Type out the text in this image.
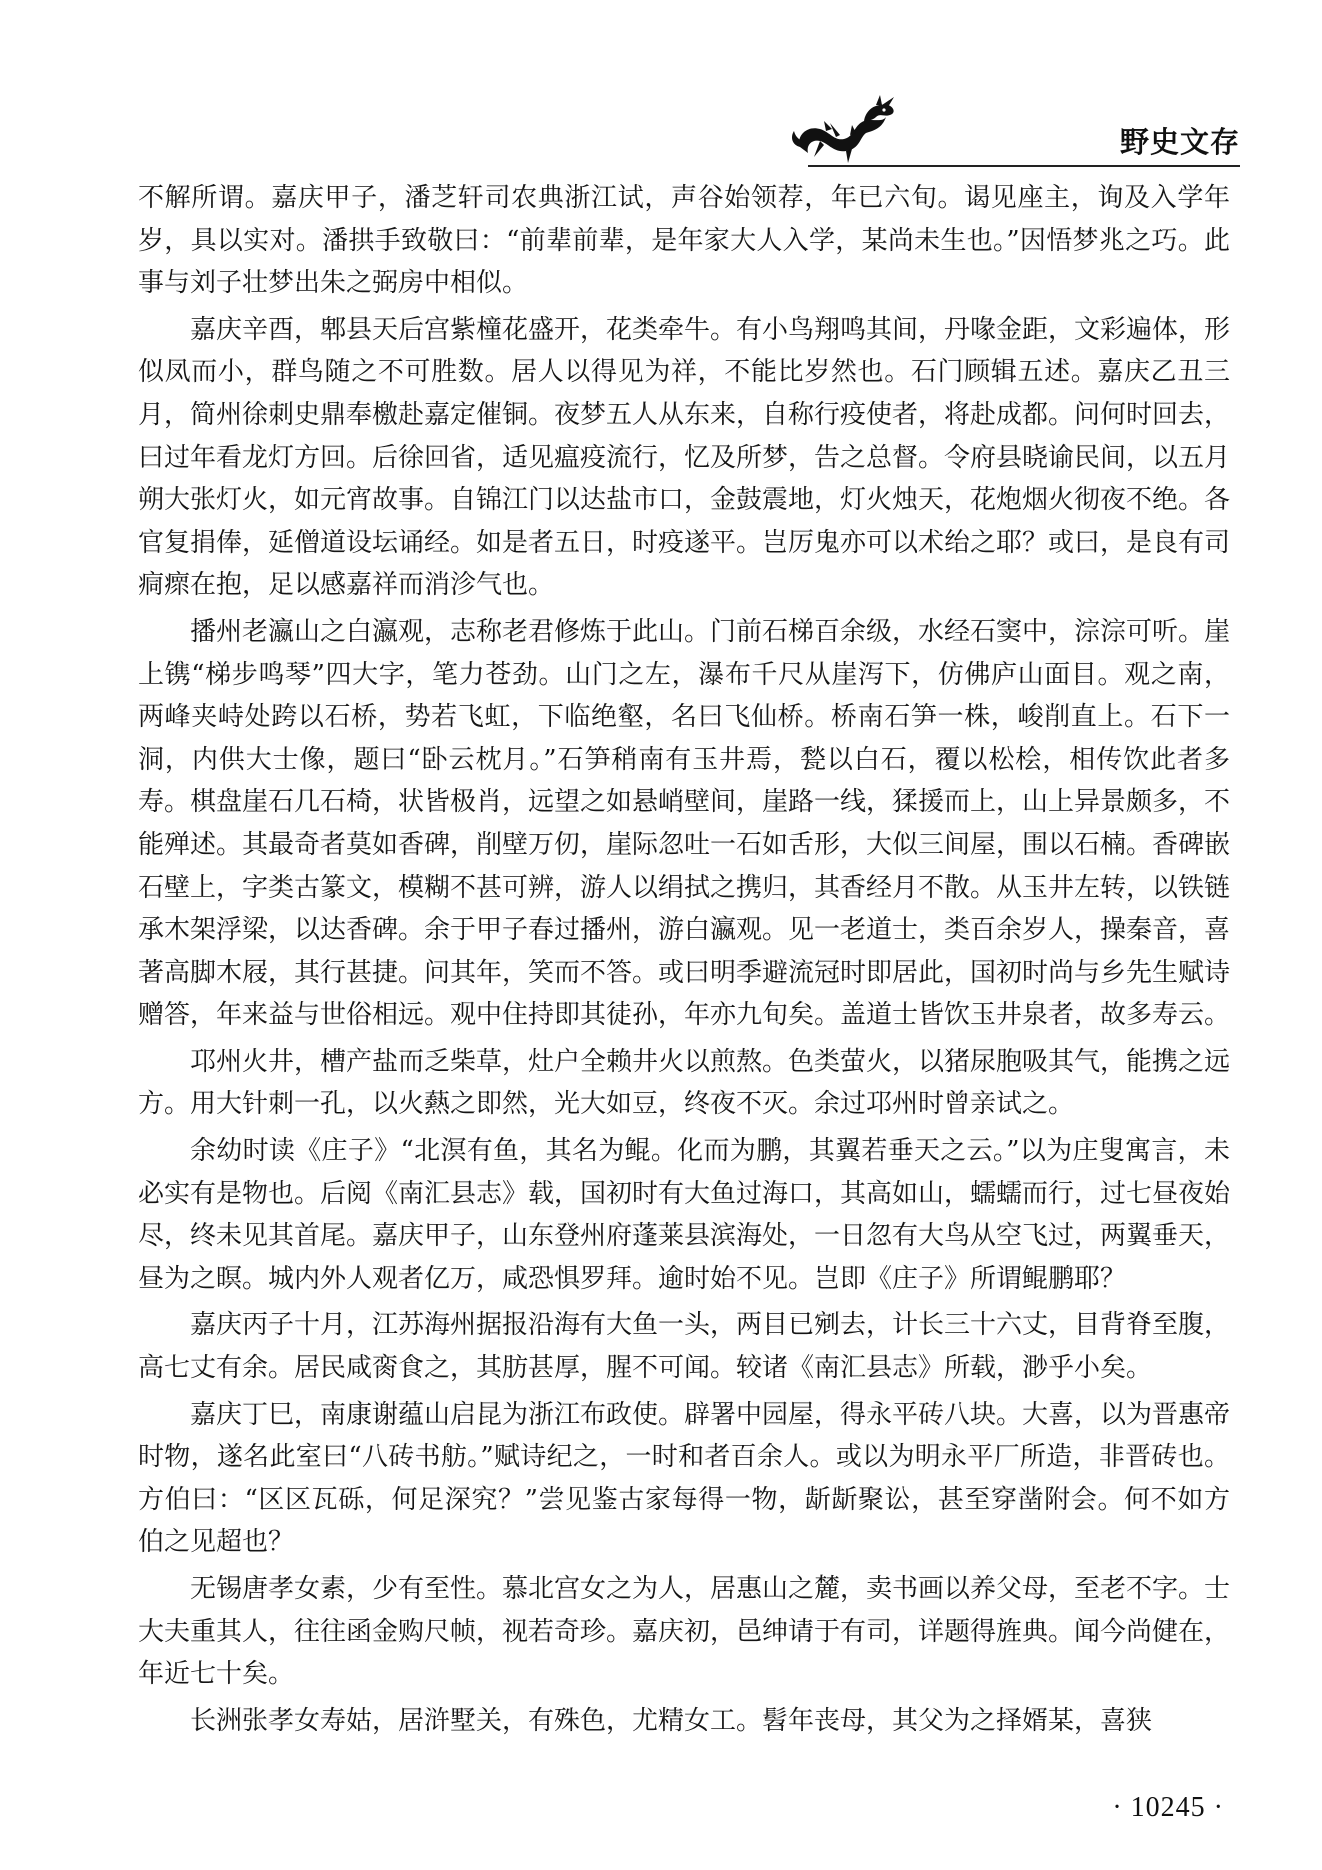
野史文存

不解所谓。嘉庆甲子，潘芝轩司农典浙江试，声谷始领荐，年已六旬。谒见座主，询及入学年岁，具以实对。潘拱手致敬曰：“前辈前辈，是年家大人入学，某尚未生也。”因悟梦兆之巧。此事与刘子壮梦出朱之弼房中相似。

嘉庆辛酉，郫县天后宫紫橦花盛开，花类牵牛。有小鸟翔鸣其间，丹喙金距，文彩遍体，形似凤而小，群鸟随之不可胜数。居人以得见为祥，不能比岁然也。石门顾辑五述。嘉庆乙丑三月，简州徐刺史鼎奉檄赴嘉定催铜。夜梦五人从东来，自称行疫使者，将赴成都。问何时回去，曰过年看龙灯方回。后徐回省，适见瘟疫流行，忆及所梦，告之总督。令府县晓谕民间，以五月朔大张灯火，如元宵故事。自锦江门以达盐市口，金鼓震地，灯火烛天，花炮烟火彻夜不绝。各官复捐俸，延僧道设坛诵经。如是者五日，时疫遂平。岂厉鬼亦可以术绐之耶？或曰，是良有司痌瘝在抱，足以感嘉祥而消沴气也。

播州老瀛山之白瀛观，志称老君修炼于此山。门前石梯百余级，水经石窦中，淙淙可听。崖上镌“梯步鸣琴”四大字，笔力苍劲。山门之左，瀑布千尺从崖泻下，仿佛庐山面目。观之南，两峰夹峙处跨以石桥，势若飞虹，下临绝壑，名曰飞仙桥。桥南石笋一株，峻削直上。石下一洞，内供大士像，题曰“卧云枕月。”石笋稍南有玉井焉，甃以白石，覆以松桧，相传饮此者多寿。棋盘崖石几石椅，状皆极肖，远望之如悬峭壁间，崖路一线，猱援而上，山上异景颇多，不能殚述。其最奇者莫如香碑，削壁万仞，崖际忽吐一石如舌形，大似三间屋，围以石楠。香碑嵌石壁上，字类古篆文，模糊不甚可辨，游人以绢拭之携归，其香经月不散。从玉井左转，以铁链承木架浮梁，以达香碑。余于甲子春过播州，游白瀛观。见一老道士，类百余岁人，操秦音，喜著高脚木屐，其行甚捷。问其年，笑而不答。或曰明季避流冠时即居此，国初时尚与乡先生赋诗赠答，年来益与世俗相远。观中住持即其徒孙，年亦九旬矣。盖道士皆饮玉井泉者，故多寿云。

邛州火井，槽产盐而乏柴草，灶户全赖井火以煎熬。色类萤火，以猪尿胞吸其气，能携之远方。用大针刺一孔，以火爇之即然，光大如豆，终夜不灭。余过邛州时曾亲试之。

余幼时读《庄子》“北溟有鱼，其名为鲲。化而为鹏，其翼若垂天之云。”以为庄叟寓言，未必实有是物也。后阅《南汇县志》载，国初时有大鱼过海口，其高如山，蠕蠕而行，过七昼夜始尽，终未见其首尾。嘉庆甲子，山东登州府蓬莱县滨海处，一日忽有大鸟从空飞过，两翼垂天，昼为之暝。城内外人观者亿万，咸恐惧罗拜。逾时始不见。岂即《庄子》所谓鲲鹏耶？

嘉庆丙子十月，江苏海州据报沿海有大鱼一头，两目已剜去，计长三十六丈，目背脊至腹，高七丈有余。居民咸脔食之，其肪甚厚，腥不可闻。较诸《南汇县志》所载，渺乎小矣。

嘉庆丁巳，南康谢蕴山启昆为浙江布政使。辟署中园屋，得永平砖八块。大喜，以为晋惠帝时物，遂名此室曰“八砖书舫。”赋诗纪之，一时和者百余人。或以为明永平厂所造，非晋砖也。方伯曰：“区区瓦砾，何足深究？”尝见鉴古家每得一物，龂龂聚讼，甚至穿凿附会。何不如方伯之见超也？

无锡唐孝女素，少有至性。慕北宫女之为人，居惠山之麓，卖书画以养父母，至老不字。士大夫重其人，往往函金购尺帧，视若奇珍。嘉庆初，邑绅请于有司，详题得旌典。闻今尚健在，年近七十矣。

长洲张孝女寿姑，居浒墅关，有殊色，尤精女工。髫年丧母，其父为之择婿某，喜狭

· 10245 ·
